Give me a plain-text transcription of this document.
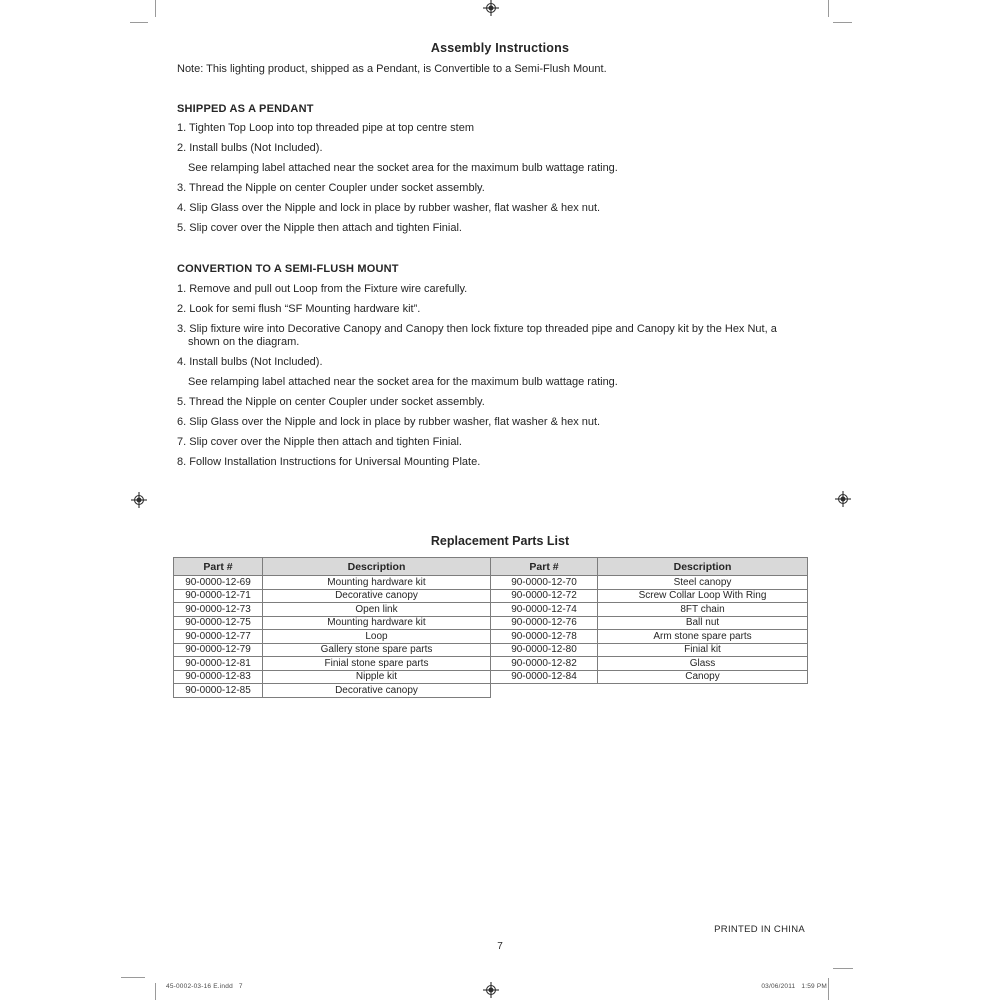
Assembly Instructions
Note: This lighting product, shipped as a Pendant, is Convertible to a Semi-Flush Mount.
SHIPPED AS A PENDANT
1. Tighten Top Loop into top threaded pipe at top centre stem
2. Install bulbs (Not Included).
See relamping label attached near the socket area for the maximum bulb wattage rating.
3. Thread the Nipple on center Coupler under socket assembly.
4. Slip Glass over the Nipple and lock in place by rubber washer, flat washer & hex nut.
5. Slip cover over the Nipple then attach and tighten Finial.
CONVERTION TO A SEMI-FLUSH MOUNT
1. Remove and pull out Loop from the Fixture wire carefully.
2. Look for semi flush “SF Mounting hardware kit”.
3. Slip fixture wire into Decorative Canopy and Canopy then lock fixture top threaded pipe and Canopy kit by the Hex Nut, a shown on the diagram.
4. Install bulbs (Not Included).
See relamping label attached near the socket area for the maximum bulb wattage rating.
5. Thread the Nipple on center Coupler under socket assembly.
6. Slip Glass over the Nipple and lock in place by rubber washer, flat washer & hex nut.
7. Slip cover over the Nipple then attach and tighten Finial.
8. Follow Installation Instructions for Universal Mounting Plate.
Replacement Parts List
Part #	Description	Part #	Description
90-0000-12-69	Mounting hardware kit	90-0000-12-70	Steel canopy
90-0000-12-71	Decorative canopy	90-0000-12-72	Screw Collar Loop With Ring
90-0000-12-73	Open link	90-0000-12-74	8FT chain
90-0000-12-75	Mounting hardware kit	90-0000-12-76	Ball nut
90-0000-12-77	Loop	90-0000-12-78	Arm stone spare parts
90-0000-12-79	Gallery stone spare parts	90-0000-12-80	Finial kit
90-0000-12-81	Finial stone spare parts	90-0000-12-82	Glass
90-0000-12-83	Nipple kit	90-0000-12-84	Canopy
90-0000-12-85	Decorative canopy		
PRINTED IN CHINA
7
45-0002-03-16 E.indd   7	03/06/2011   1:59 PM
